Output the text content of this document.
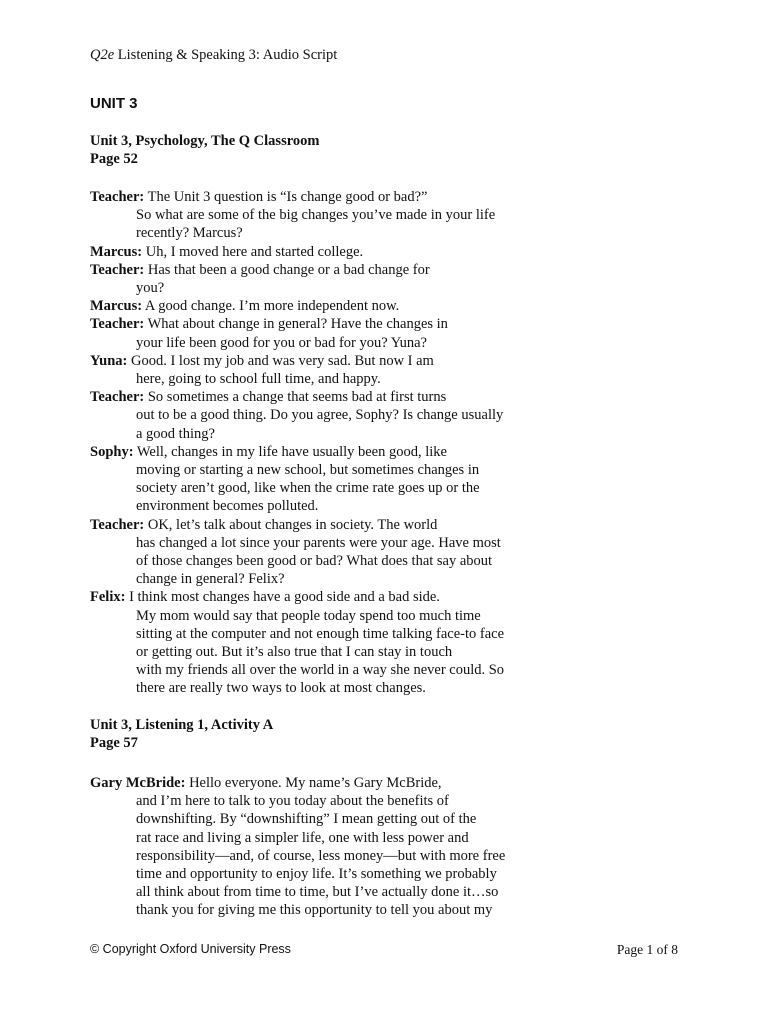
Q2e Listening & Speaking 3: Audio Script
UNIT 3
Unit 3, Psychology, The Q Classroom
Page 52
Teacher: The Unit 3 question is “Is change good or bad?”
So what are some of the big changes you’ve made in your life
recently? Marcus?
Marcus: Uh, I moved here and started college.
Teacher: Has that been a good change or a bad change for
you?
Marcus: A good change. I’m more independent now.
Teacher: What about change in general? Have the changes in
your life been good for you or bad for you? Yuna?
Yuna: Good. I lost my job and was very sad. But now I am
here, going to school full time, and happy.
Teacher: So sometimes a change that seems bad at first turns
out to be a good thing. Do you agree, Sophy? Is change usually
a good thing?
Sophy: Well, changes in my life have usually been good, like
moving or starting a new school, but sometimes changes in
society aren’t good, like when the crime rate goes up or the
environment becomes polluted.
Teacher: OK, let’s talk about changes in society. The world
has changed a lot since your parents were your age. Have most
of those changes been good or bad? What does that say about
change in general? Felix?
Felix: I think most changes have a good side and a bad side.
My mom would say that people today spend too much time
sitting at the computer and not enough time talking face-to face
or getting out. But it’s also true that I can stay in touch
with my friends all over the world in a way she never could. So
there are really two ways to look at most changes.
Unit 3, Listening 1, Activity A
Page 57
Gary McBride: Hello everyone. My name’s Gary McBride,
and I’m here to talk to you today about the benefits of
downshifting. By “downshifting” I mean getting out of the
rat race and living a simpler life, one with less power and
responsibility—and, of course, less money—but with more free
time and opportunity to enjoy life. It’s something we probably
all think about from time to time, but I’ve actually done it…so
thank you for giving me this opportunity to tell you about my
© Copyright Oxford University Press	Page 1 of 8
